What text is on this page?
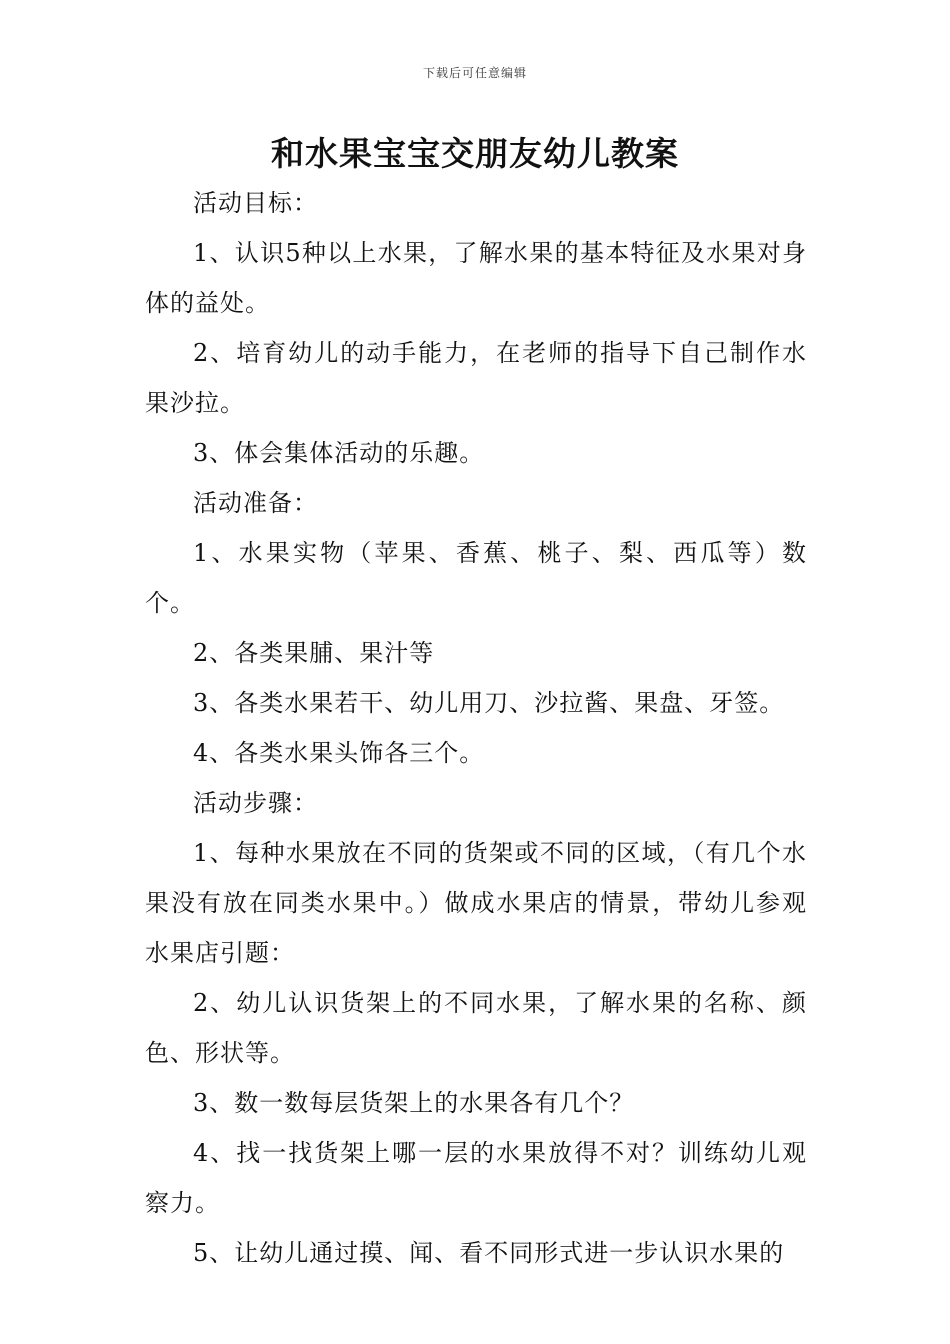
下载后可任意编辑
和水果宝宝交朋友幼儿教案

活动目标：

1、认识5种以上水果，了解水果的基本特征及水果对身体的益处。

2、培育幼儿的动手能力，在老师的指导下自己制作水果沙拉。

3、体会集体活动的乐趣。

活动准备：

1、水果实物（苹果、香蕉、桃子、梨、西瓜等）数个。

2、各类果脯、果汁等

3、各类水果若干、幼儿用刀、沙拉酱、果盘、牙签。

4、各类水果头饰各三个。

活动步骤：

1、每种水果放在不同的货架或不同的区域，（有几个水果没有放在同类水果中。）做成水果店的情景，带幼儿参观水果店引题：

2、幼儿认识货架上的不同水果，了解水果的名称、颜色、形状等。

3、数一数每层货架上的水果各有几个？

4、找一找货架上哪一层的水果放得不对？训练幼儿观察力。

5、让幼儿通过摸、闻、看不同形式进一步认识水果的
